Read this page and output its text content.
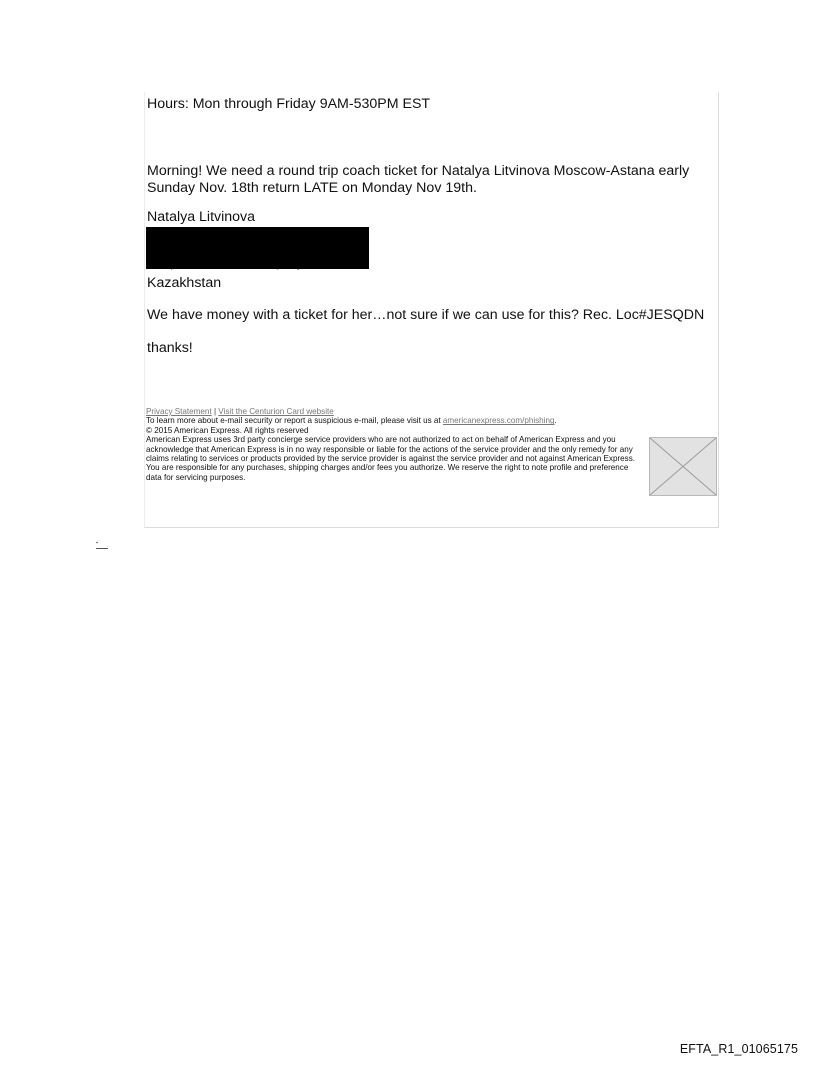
Hours: Mon through Friday 9AM-530PM EST
Morning! We need a round trip coach ticket for Natalya Litvinova Moscow-Astana early Sunday Nov. 18th return LATE on Monday Nov 19th.
Natalya Litvinova
Kazakhstan
We have money with a ticket for her…not sure if we can use for this? Rec. Loc#JESQDN
thanks!

Privacy Statement | Visit the Centurion Card website

To learn more about e-mail security or report a suspicious e-mail, please visit us at americanexpress.com/phishing.

© 2015 American Express. All rights reserved

American Express uses 3rd party concierge service providers who are not authorized to act on behalf of American Express and you acknowledge that American Express is in no way responsible or liable for the actions of the service provider and the only remedy for any claims relating to services or products provided by the service provider is against the service provider and not against American Express. You are responsible for any purchases, shipping charges and/or fees you authorize. We reserve the right to note profile and preference data for servicing purposes.

EFTA_R1_01065175
